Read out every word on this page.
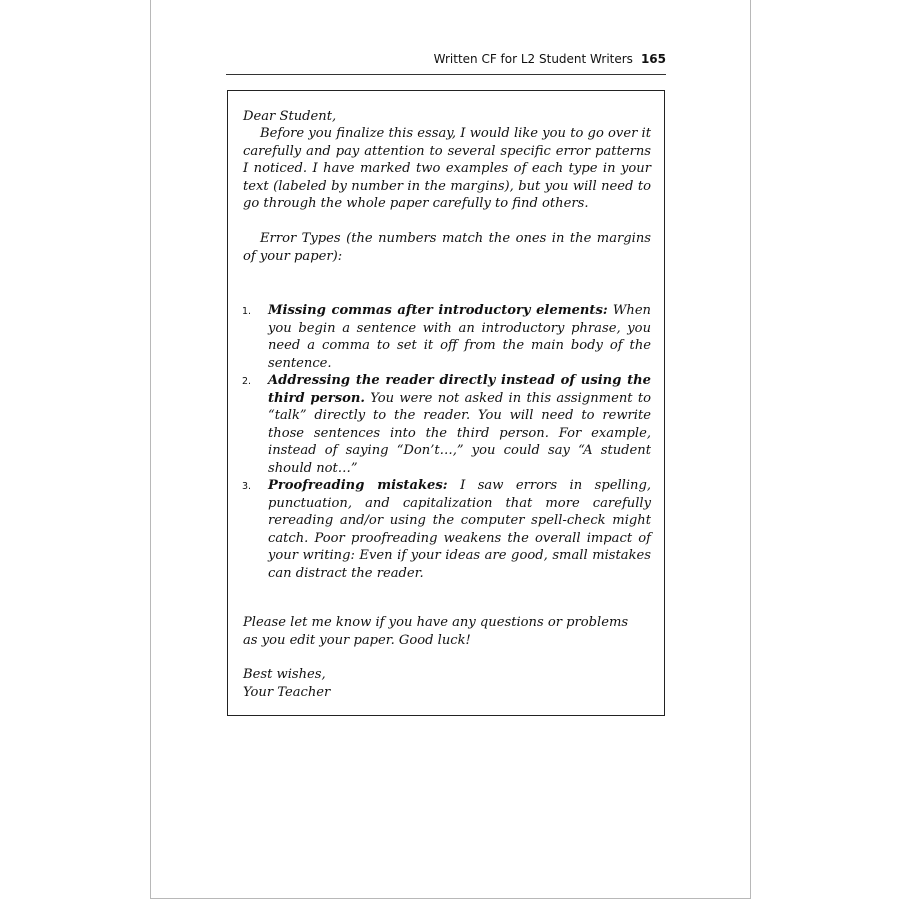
Written CF for L2 Student Writers 165
Dear Student,

Before you finalize this essay, I would like you to go over it carefully and pay attention to several specific error patterns I noticed. I have marked two examples of each type in your text (labeled by number in the margins), but you will need to go through the whole paper carefully to find others.

Error Types (the numbers match the ones in the margins of your paper):

1. Missing commas after introductory elements: When you begin a sentence with an introductory phrase, you need a comma to set it off from the main body of the sentence.
2. Addressing the reader directly instead of using the third person. You were not asked in this assignment to “talk” directly to the reader. You will need to rewrite those sentences into the third person. For example, instead of saying “Don’t…,” you could say “A student should not…”
3. Proofreading mistakes: I saw errors in spelling, punctuation, and capitalization that more carefully rereading and/or using the computer spell-check might catch. Poor proofreading weakens the overall impact of your writing: Even if your ideas are good, small mistakes can distract the reader.

Please let me know if you have any questions or problems
as you edit your paper. Good luck!

Best wishes,
Your Teacher
